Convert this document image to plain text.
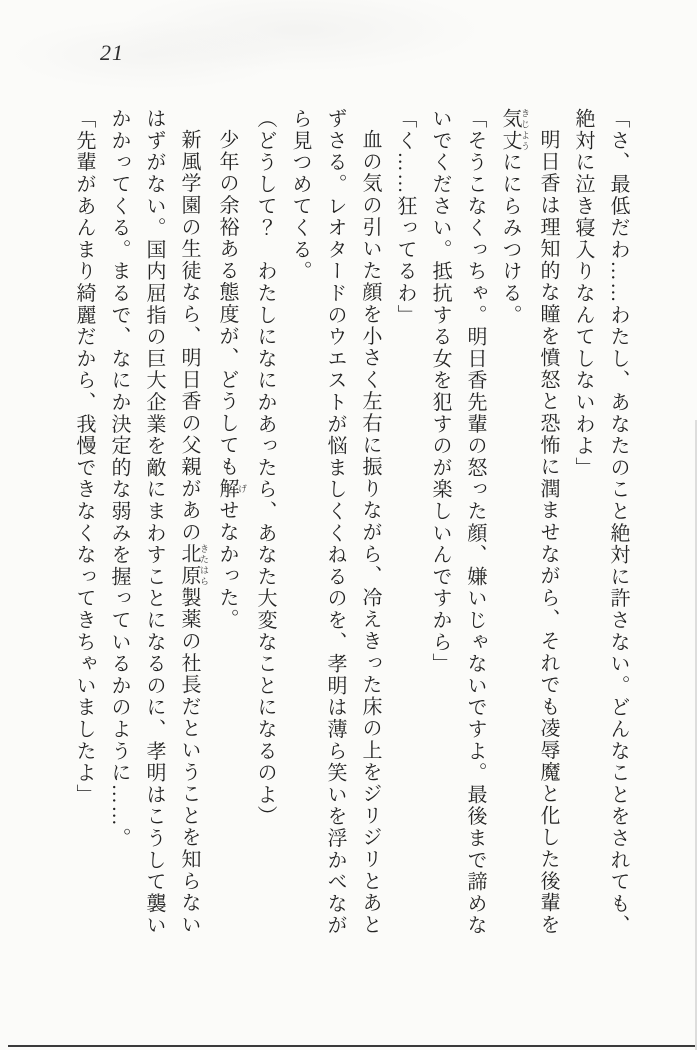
21

「さ、最低だわ……わたし、あなたのこと絶対に許さない。どんなことをされても、

絶対に泣き寝入りなんてしないわよ」

明日香は理知的な瞳を憤怒と恐怖に潤ませながら、それでも凌辱魔と化した後輩を

気丈 きじようににらみつける。

「そうこなくっちゃ。明日香先輩の怒った顔、嫌いじゃないですよ。最後まで諦めな

いでください。抵抗する女を犯すのが楽しいんですから」

「く……狂ってるわ」

血の気の引いた顔を小さく左右に振りながら、冷えきった床の上をジリジリとあと

ずさる。レオタードのウエストが悩ましくくねるのを、孝明は薄ら笑いを浮かべなが

ら見つめてくる。

（どうして？　わたしになにかあったら、あなた大変なことになるのよ）

少年の余裕ある態度が、どうしても解 げせなかった。

新風学園の生徒なら、明日香の父親があの北原 きたはら製薬の社長だということを知らない

はずがない。国内屈指の巨大企業を敵にまわすことになるのに、孝明はこうして襲い

かかってくる。まるで、なにか決定的な弱みを握っているかのように……。

「先輩があんまり綺麗だから、我慢できなくなってきちゃいましたよ」
